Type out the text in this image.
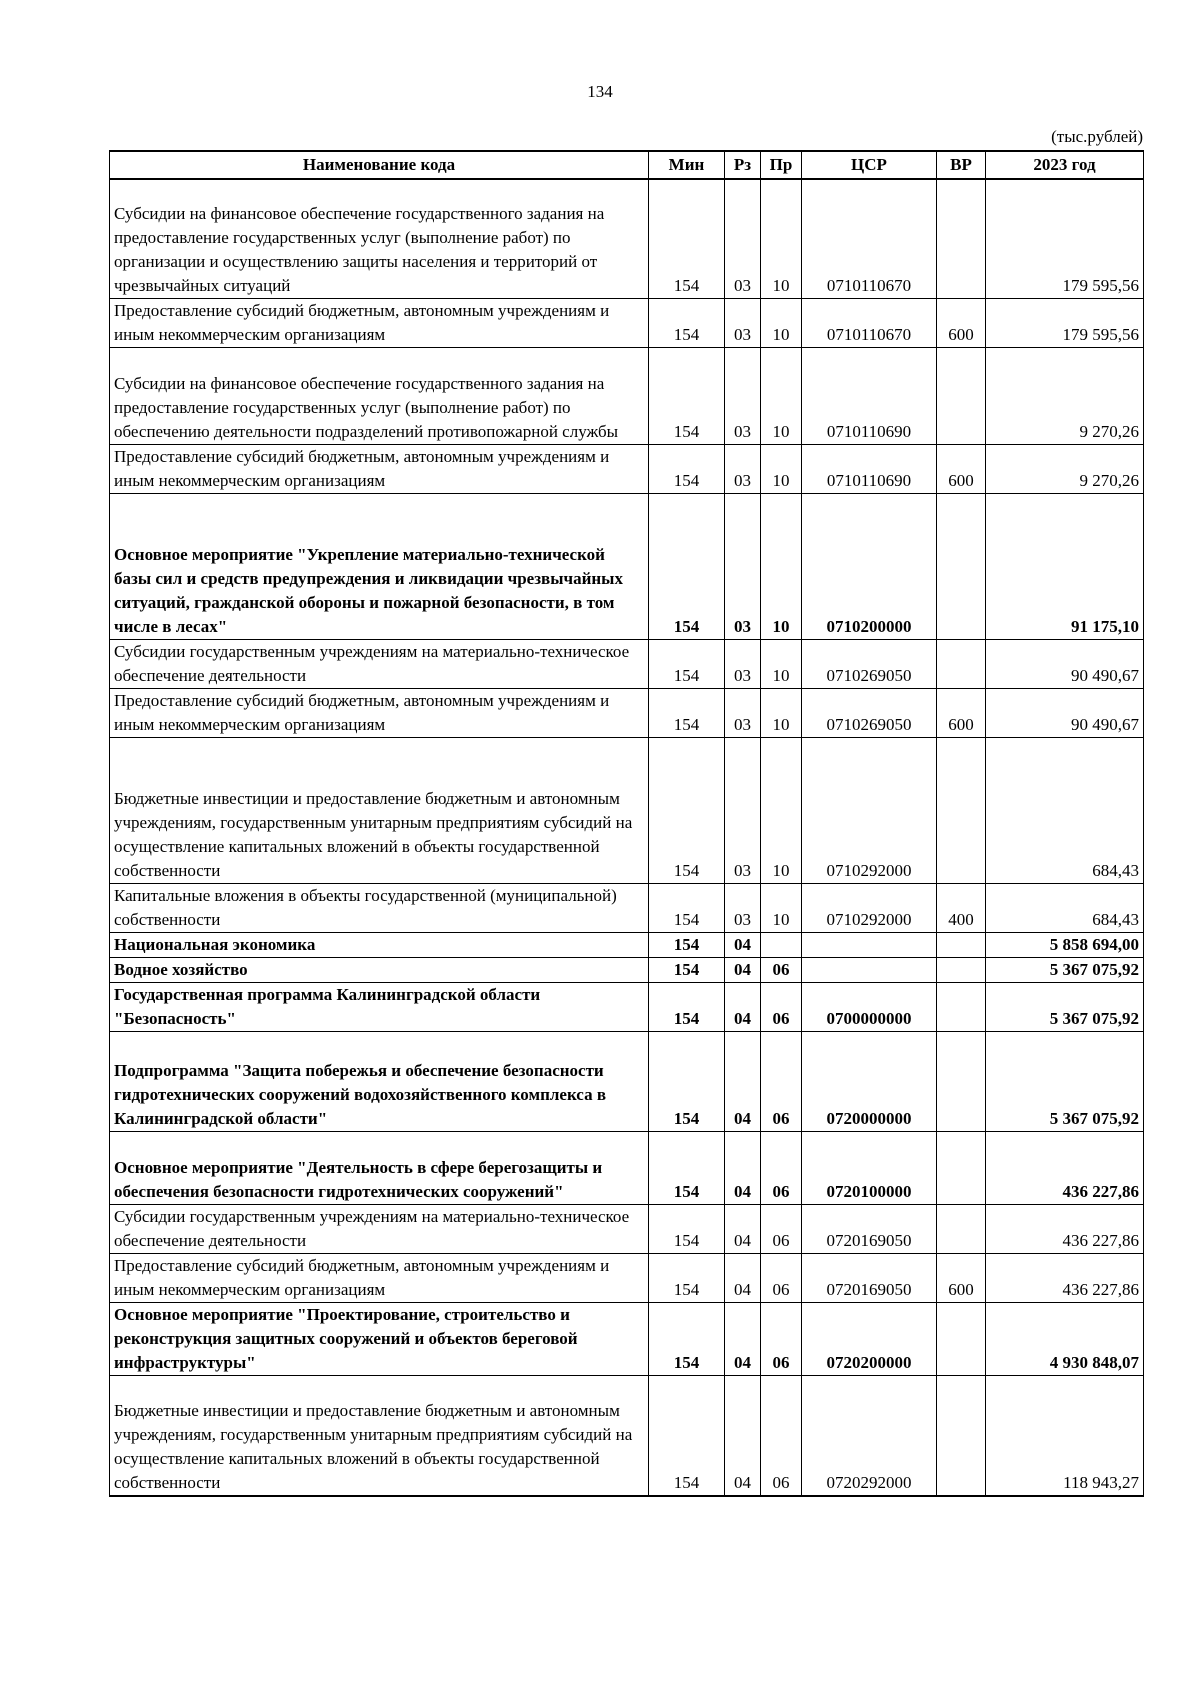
134
(тыс.рублей)
Наименование кода	Мин	Рз	Пр	ЦСР	ВР	2023 год
Субсидии на финансовое обеспечение государственного задания на предоставление государственных услуг (выполнение работ) по организации и осуществлению защиты населения и территорий от чрезвычайных ситуаций	154	03	10	0710110670		179 595,56
Предоставление субсидий бюджетным, автономным учреждениям и иным некоммерческим организациям	154	03	10	0710110670	600	179 595,56
Субсидии на финансовое обеспечение государственного задания на предоставление государственных услуг (выполнение работ) по обеспечению деятельности подразделений противопожарной службы	154	03	10	0710110690		9 270,26
Предоставление субсидий бюджетным, автономным учреждениям и иным некоммерческим организациям	154	03	10	0710110690	600	9 270,26
Основное мероприятие "Укрепление материально-технической базы сил и средств предупреждения и ликвидации чрезвычайных ситуаций, гражданской обороны и пожарной безопасности, в том числе в лесах"	154	03	10	0710200000		91 175,10
Субсидии государственным учреждениям на материально-техническое обеспечение деятельности	154	03	10	0710269050		90 490,67
Предоставление субсидий бюджетным, автономным учреждениям и иным некоммерческим организациям	154	03	10	0710269050	600	90 490,67
Бюджетные инвестиции и предоставление бюджетным и автономным учреждениям, государственным унитарным предприятиям субсидий на осуществление капитальных вложений в объекты государственной собственности	154	03	10	0710292000		684,43
Капитальные вложения в объекты государственной (муниципальной) собственности	154	03	10	0710292000	400	684,43
Национальная экономика	154	04				5 858 694,00
Водное хозяйство	154	04	06			5 367 075,92
Государственная программа Калининградской области "Безопасность"	154	04	06	0700000000		5 367 075,92
Подпрограмма "Защита побережья и обеспечение безопасности гидротехнических сооружений водохозяйственного комплекса в Калининградской области"	154	04	06	0720000000		5 367 075,92
Основное мероприятие "Деятельность в сфере берегозащиты и обеспечения безопасности гидротехнических сооружений"	154	04	06	0720100000		436 227,86
Субсидии государственным учреждениям на материально-техническое обеспечение деятельности	154	04	06	0720169050		436 227,86
Предоставление субсидий бюджетным, автономным учреждениям и иным некоммерческим организациям	154	04	06	0720169050	600	436 227,86
Основное мероприятие "Проектирование, строительство и реконструкция защитных сооружений и объектов береговой инфраструктуры"	154	04	06	0720200000		4 930 848,07
Бюджетные инвестиции и предоставление бюджетным и автономным учреждениям, государственным унитарным предприятиям субсидий на осуществление капитальных вложений в объекты государственной собственности	154	04	06	0720292000		118 943,27
